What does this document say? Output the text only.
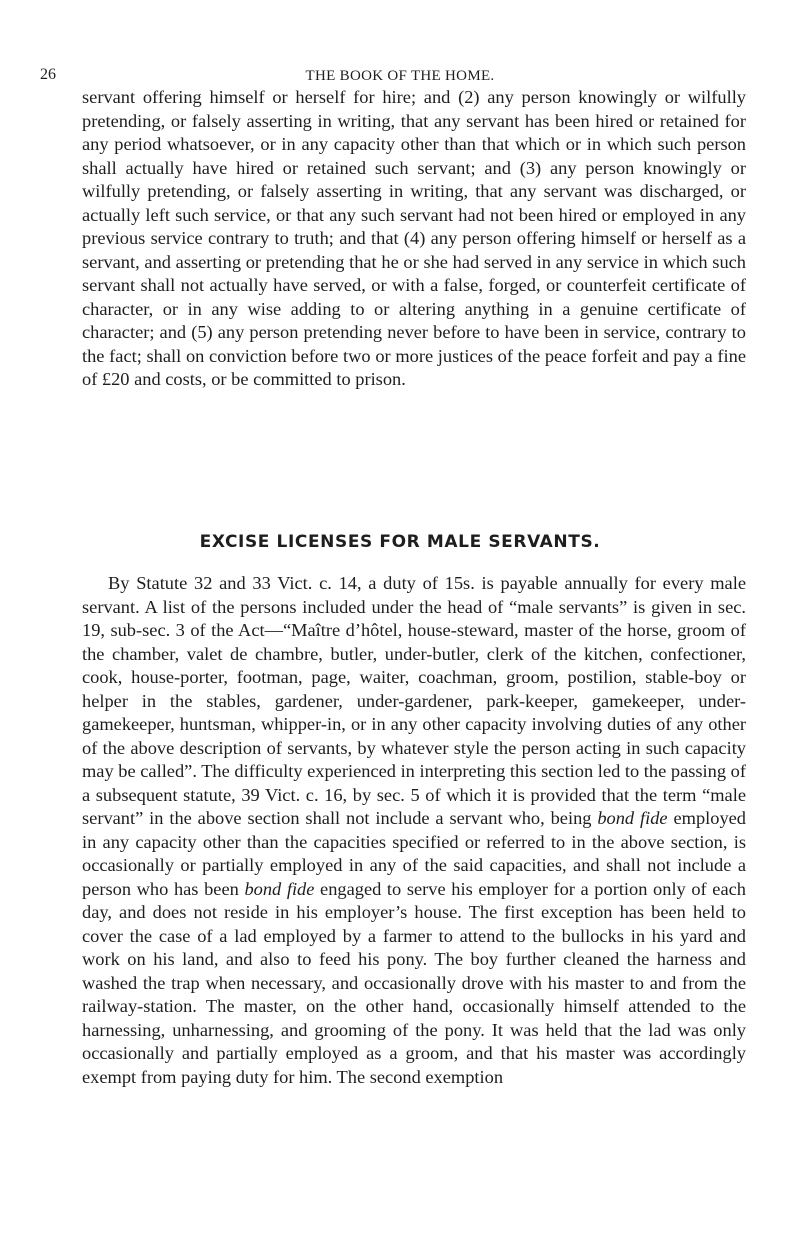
26	THE BOOK OF THE HOME.

servant offering himself or herself for hire; and (2) any person knowingly or wilfully pretending, or falsely asserting in writing, that any servant has been hired or retained for any period whatsoever, or in any capacity other than that which or in which such person shall actually have hired or retained such servant; and (3) any person knowingly or wilfully pretending, or falsely asserting in writing, that any servant was discharged, or actually left such service, or that any such servant had not been hired or employed in any previous service contrary to truth; and that (4) any person offering himself or herself as a servant, and asserting or pretending that he or she had served in any service in which such servant shall not actually have served, or with a false, forged, or counterfeit certificate of character, or in any wise adding to or altering anything in a genuine certificate of character; and (5) any person pretending never before to have been in service, contrary to the fact; shall on conviction before two or more justices of the peace forfeit and pay a fine of £20 and costs, or be committed to prison.

EXCISE LICENSES FOR MALE SERVANTS.

By Statute 32 and 33 Vict. c. 14, a duty of 15s. is payable annually for every male servant. A list of the persons included under the head of “male servants” is given in sec. 19, sub-sec. 3 of the Act—“Maître d’hôtel, house-steward, master of the horse, groom of the chamber, valet de chambre, butler, under-butler, clerk of the kitchen, confectioner, cook, house-porter, footman, page, waiter, coachman, groom, postilion, stable-boy or helper in the stables, gardener, under-gardener, park-keeper, gamekeeper, under-gamekeeper, huntsman, whipper-in, or in any other capacity involving duties of any other of the above description of servants, by whatever style the person acting in such capacity may be called”. The difficulty experienced in interpreting this section led to the passing of a subsequent statute, 39 Vict. c. 16, by sec. 5 of which it is provided that the term “male servant” in the above section shall not include a servant who, being bond fide employed in any capacity other than the capacities specified or referred to in the above section, is occasionally or partially employed in any of the said capacities, and shall not include a person who has been bond fide engaged to serve his employer for a portion only of each day, and does not reside in his employer’s house. The first exception has been held to cover the case of a lad employed by a farmer to attend to the bullocks in his yard and work on his land, and also to feed his pony. The boy further cleaned the harness and washed the trap when necessary, and occasionally drove with his master to and from the railway-station. The master, on the other hand, occasionally himself attended to the harnessing, unharnessing, and grooming of the pony. It was held that the lad was only occasionally and partially employed as a groom, and that his master was accordingly exempt from paying duty for him. The second exemption
